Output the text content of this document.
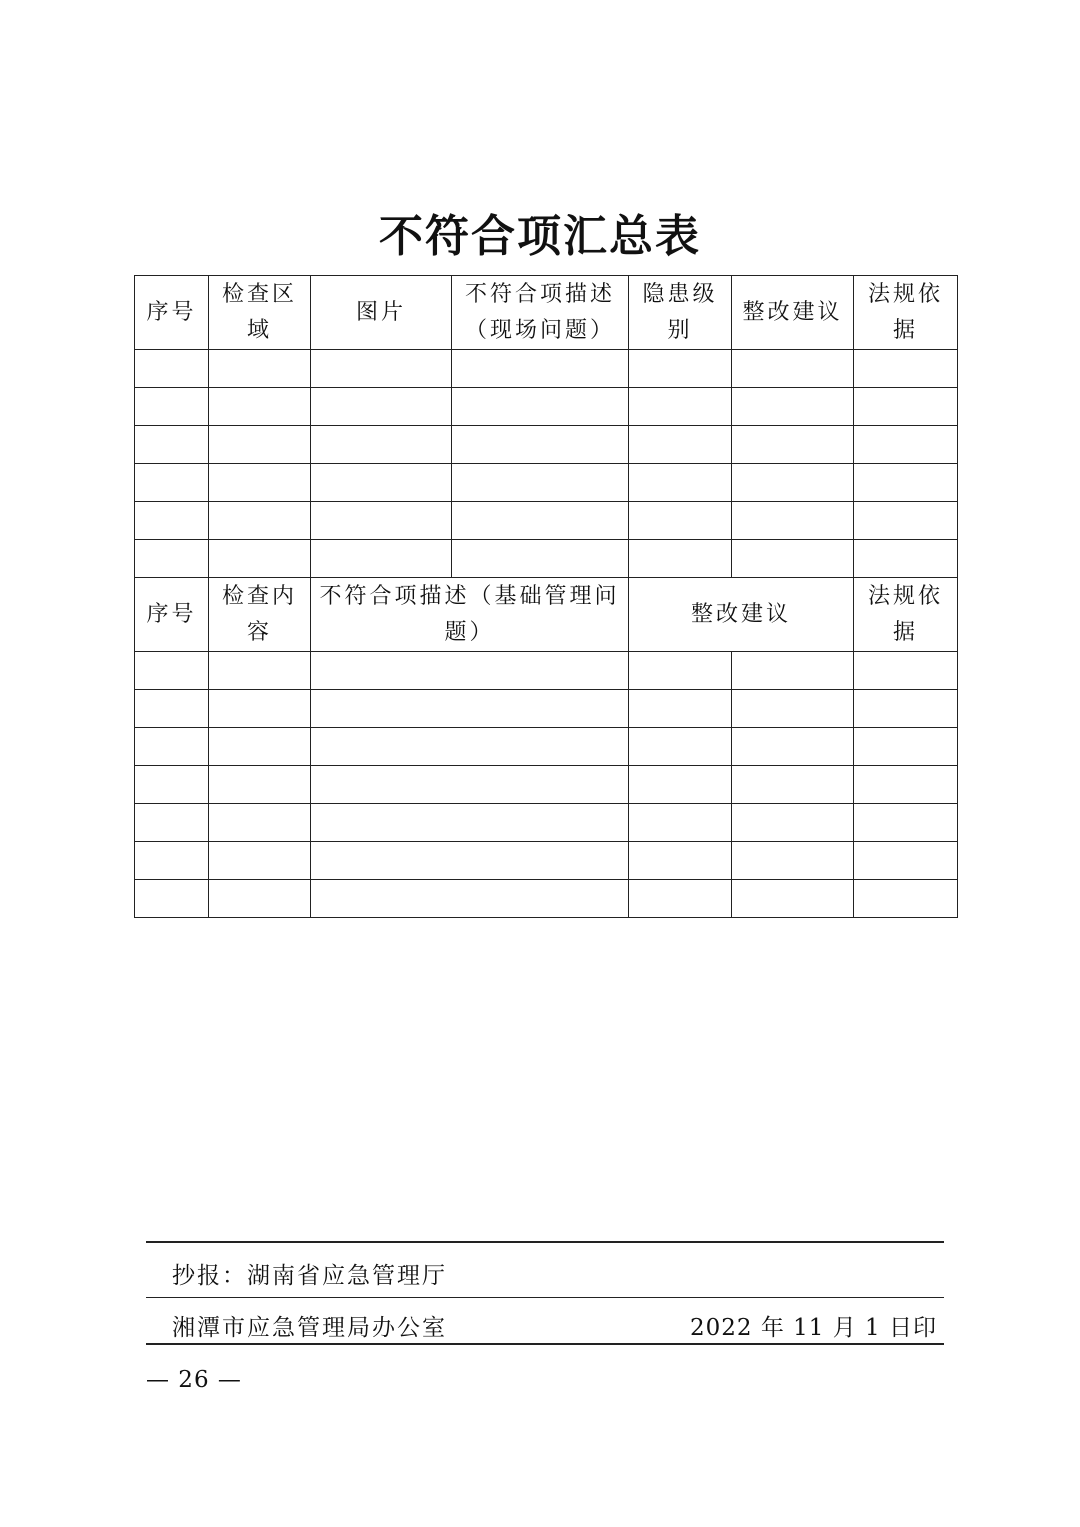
不符合项汇总表
序号	检查区域	图片	不符合项描述（现场问题）	隐患级别	整改建议	法规依据

序号	检查内容	不符合项描述（基础管理问题）		整改建议		法规依据

抄报：湖南省应急管理厅
湘潭市应急管理局办公室	2022 年 11 月 1 日印
— 26 —
